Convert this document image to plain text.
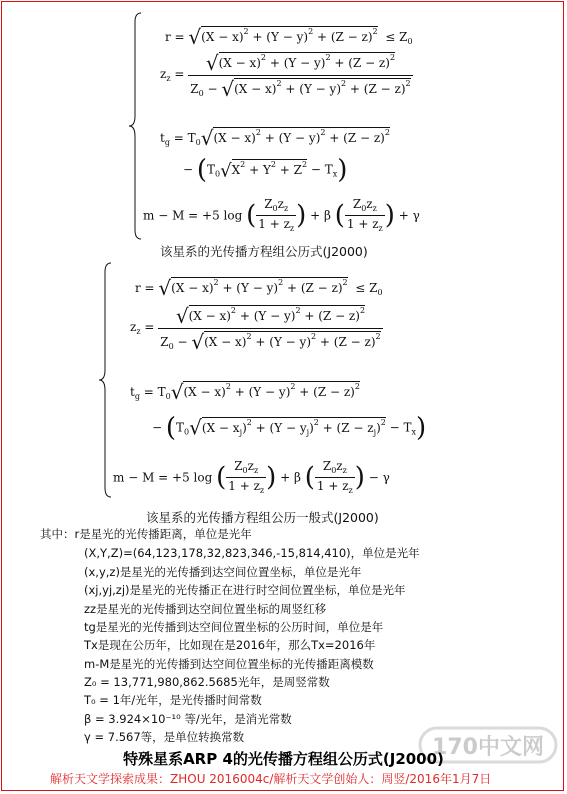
$r = √(X - x)^2 + (Y - y)^2 + (Z - z)^2 \le Z_0$
$z_z = \frac{√(X - x)^2 + (Y - y)^2 + (Z - z)^2}{Z_0 - √(X - x)^2 + (Y - y)^2 + (Z - z)^2}$
$t_g = T_0√(X - x)^2 + (Y - y)^2 + (Z - z)^2$
− $(T_0√X^2 + Y^2 + Z^2 - T_x)$
m − M = +5 log ( $\frac{Z_0z_z}{1 + z_z}$ ) + β ( $\frac{Z_0z_z}{1 + z_z}$ ) + γ
该星系的光传播方程组公历式(J2000)
$r = √(X - x)^2 + (Y - y)^2 + (Z - z)^2 \le Z_0$
$z_z = \frac{√(X - x)^2 + (Y - y)^2 + (Z - z)^2}{Z_0 - √(X - x)^2 + (Y - y)^2 + (Z - z)^2}$
$t_g = T_0√(X - x)^2 + (Y - y)^2 + (Z - z)^2$
− $(T_0√(X - x_j)^2 + (Y - y_j)^2 + (Z - z_j)^2 - T_x)$
m − M = +5 log ( $\frac{Z_0z_z}{1 + z_z}$ ) + β ( $\frac{Z_0z_z}{1 + z_z}$ ) − γ
该星系的光传播方程组公历一般式(J2000)
其中：r是星光的光传播距离，单位是光年
(X,Y,Z)=(64,123,178,32,823,346,-15,814,410)，单位是光年
(x,y,z)是星光的光传播到达空间位置坐标，单位是光年
(xj,yj,zj)是星光的光传播正在进行时空间位置坐标，单位是光年
zz是星光的光传播到达空间位置坐标的周竖红移
tg是星光的光传播到达空间位置坐标的公历时间，单位是年
Tx是现在公历年，比如现在是2016年，那么Tx=2016年
m-M是星光的光传播到达空间位置坐标的光传播距离模数
Z₀ = 13,771,980,862.5685光年，是周竖常数
T₀ = 1年/光年，是光传播时间常数
β = 3.924×10⁻¹⁰ 等/光年，是消光常数
γ = 7.567等，是单位转换常数	170中文网
特殊星系ARP 4的光传播方程组公历式(J2000)
解析天文学探索成果：ZHOU 2016004c/解析天文学创始人：周竖/2016年1月7日
